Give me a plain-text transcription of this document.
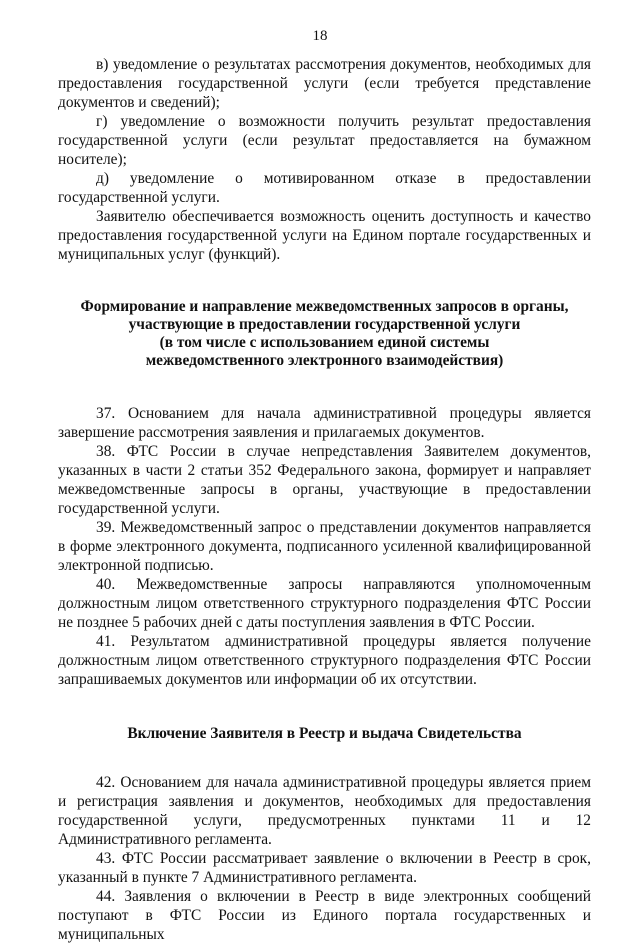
18

в) уведомление о результатах рассмотрения документов, необходимых для предоставления государственной услуги (если требуется представление документов и сведений);

г) уведомление о возможности получить результат предоставления государственной услуги (если результат предоставляется на бумажном носителе);

д) уведомление о мотивированном отказе в предоставлении государственной услуги.

Заявителю обеспечивается возможность оценить доступность и качество предоставления государственной услуги на Едином портале государственных и муниципальных услуг (функций).

Формирование и направление межведомственных запросов в органы,
участвующие в предоставлении государственной услуги
(в том числе с использованием единой системы
межведомственного электронного взаимодействия)

37. Основанием для начала административной процедуры является завершение рассмотрения заявления и прилагаемых документов.

38. ФТС России в случае непредставления Заявителем документов, указанных в части 2 статьи 352 Федерального закона, формирует и направляет межведомственные запросы в органы, участвующие в предоставлении государственной услуги.

39. Межведомственный запрос о представлении документов направляется в форме электронного документа, подписанного усиленной квалифицированной электронной подписью.

40. Межведомственные запросы направляются уполномоченным должностным лицом ответственного структурного подразделения ФТС России не позднее 5 рабочих дней с даты поступления заявления в ФТС России.

41. Результатом административной процедуры является получение должностным лицом ответственного структурного подразделения ФТС России запрашиваемых документов или информации об их отсутствии.

Включение Заявителя в Реестр и выдача Свидетельства

42. Основанием для начала административной процедуры является прием и регистрация заявления и документов, необходимых для предоставления государственной услуги, предусмотренных пунктами 11 и 12 Административного регламента.

43. ФТС России рассматривает заявление о включении в Реестр в срок, указанный в пункте 7 Административного регламента.

44. Заявления о включении в Реестр в виде электронных сообщений поступают в ФТС России из Единого портала государственных и муниципальных
